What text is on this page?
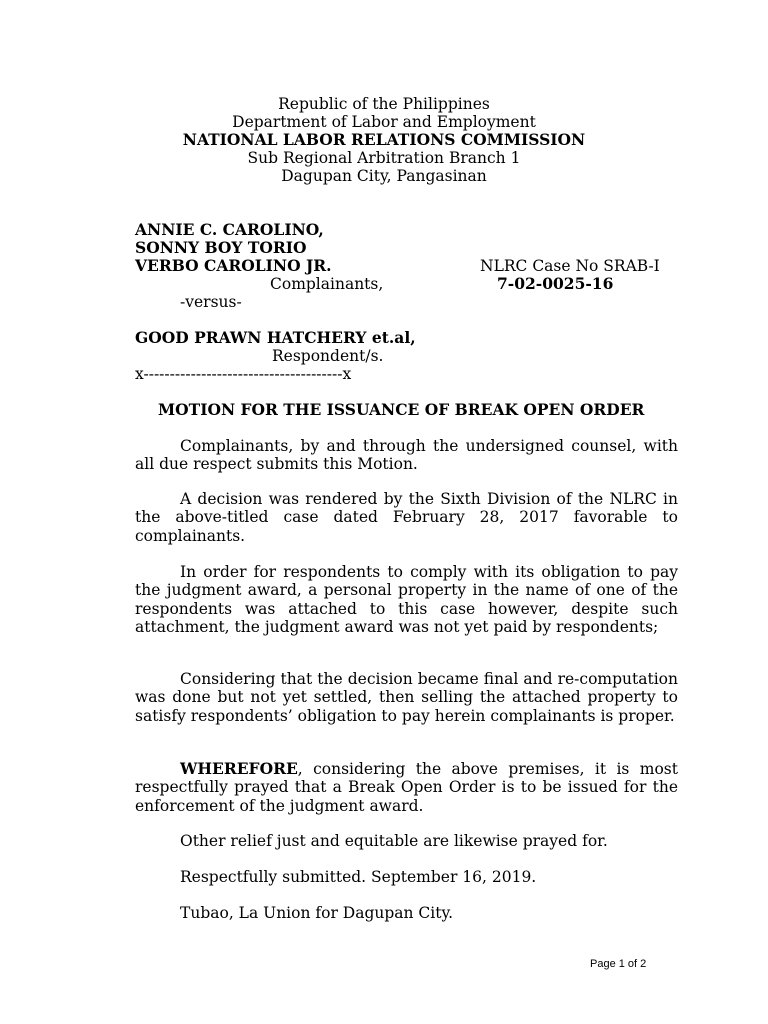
Republic of the Philippines
Department of Labor and Employment
NATIONAL LABOR RELATIONS COMMISSION
Sub Regional Arbitration Branch 1
Dagupan City, Pangasinan
ANNIE C. CAROLINO,
SONNY BOY TORIO
VERBO CAROLINO JR.	NLRC Case No SRAB-I
Complainants,	7-02-0025-16
-versus-
GOOD PRAWN HATCHERY et.al,
Respondent/s.
x--------------------------------------x
MOTION FOR THE ISSUANCE OF BREAK OPEN ORDER

Complainants, by and through the undersigned counsel, with all due respect submits this Motion.

A decision was rendered by the Sixth Division of the NLRC in the above-titled case dated February 28, 2017 favorable to complainants.

In order for respondents to comply with its obligation to pay the judgment award, a personal property in the name of one of the respondents was attached to this case however, despite such attachment, the judgment award was not yet paid by respondents;

Considering that the decision became final and re-computation was done but not yet settled, then selling the attached property to satisfy respondents’ obligation to pay herein complainants is proper.

WHEREFORE, considering the above premises, it is most respectfully prayed that a Break Open Order is to be issued for the enforcement of the judgment award.

Other relief just and equitable are likewise prayed for.

Respectfully submitted. September 16, 2019.

Tubao, La Union for Dagupan City.

Page 1 of 2
